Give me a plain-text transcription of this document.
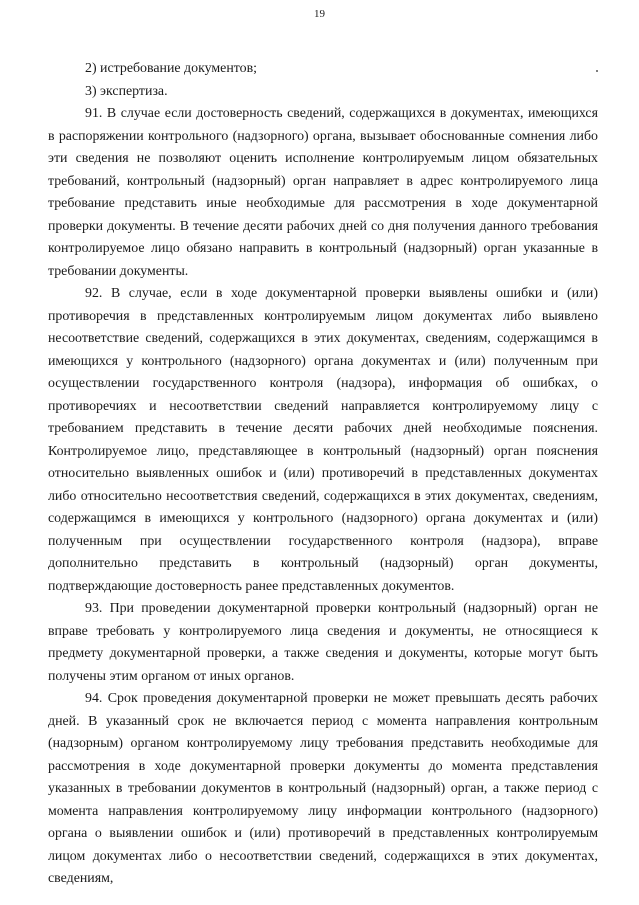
19

2) истребование документов;

3) экспертиза.

91. В случае если достоверность сведений, содержащихся в документах, имеющихся в распоряжении контрольного (надзорного) органа, вызывает обоснованные сомнения либо эти сведения не позволяют оценить исполнение контролируемым лицом обязательных требований, контрольный (надзорный) орган направляет в адрес контролируемого лица требование представить иные необходимые для рассмотрения в ходе документарной проверки документы. В течение десяти рабочих дней со дня получения данного требования контролируемое лицо обязано направить в контрольный (надзорный) орган указанные в требовании документы.

92. В случае, если в ходе документарной проверки выявлены ошибки и (или) противоречия в представленных контролируемым лицом документах либо выявлено несоответствие сведений, содержащихся в этих документах, сведениям, содержащимся в имеющихся у контрольного (надзорного) органа документах и (или) полученным при осуществлении государственного контроля (надзора), информация об ошибках, о противоречиях и несоответствии сведений направляется контролируемому лицу с требованием представить в течение десяти рабочих дней необходимые пояснения. Контролируемое лицо, представляющее в контрольный (надзорный) орган пояснения относительно выявленных ошибок и (или) противоречий в представленных документах либо относительно несоответствия сведений, содержащихся в этих документах, сведениям, содержащимся в имеющихся у контрольного (надзорного) органа документах и (или) полученным при осуществлении государственного контроля (надзора), вправе дополнительно представить в контрольный (надзорный) орган документы, подтверждающие достоверность ранее представленных документов.

93. При проведении документарной проверки контрольный (надзорный) орган не вправе требовать у контролируемого лица сведения и документы, не относящиеся к предмету документарной проверки, а также сведения и документы, которые могут быть получены этим органом от иных органов.

94. Срок проведения документарной проверки не может превышать десять рабочих дней. В указанный срок не включается период с момента направления контрольным (надзорным) органом контролируемому лицу требования представить необходимые для рассмотрения в ходе документарной проверки документы до момента представления указанных в требовании документов в контрольный (надзорный) орган, а также период с момента направления контролируемому лицу информации контрольного (надзорного) органа о выявлении ошибок и (или) противоречий в представленных контролируемым лицом документах либо о несоответствии сведений, содержащихся в этих документах, сведениям,
